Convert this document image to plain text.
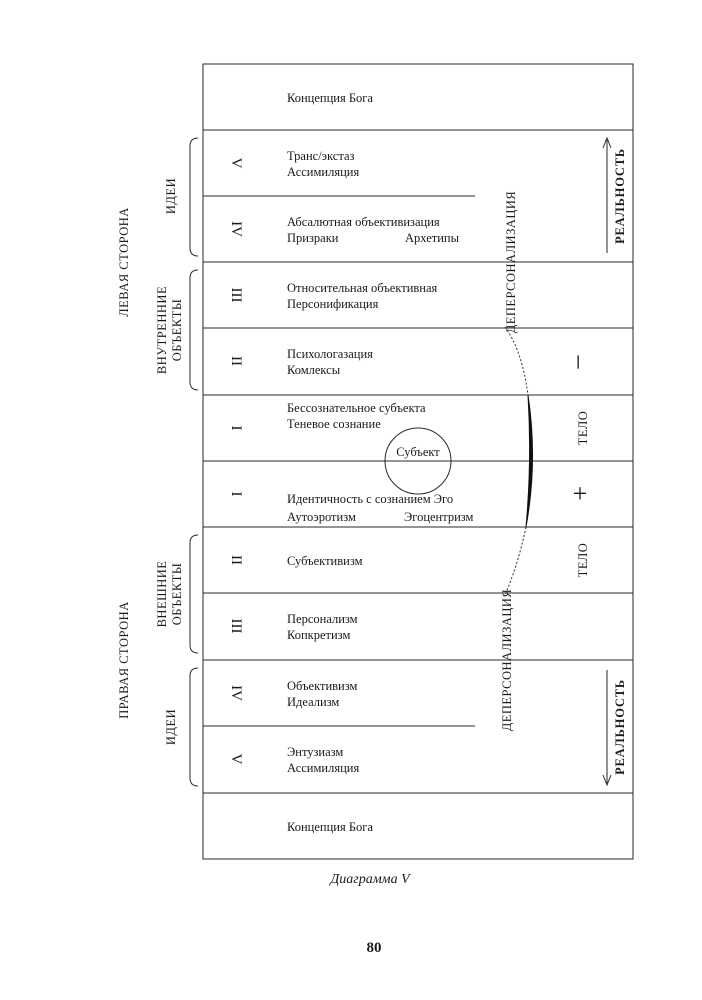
V
IV
III
II
I
I
II
III
IV
V
Концепция Бога
Транс/экстаз
Ассимиляция
Абсалютная объективизация
Призраки	Архетипы
Относительная объективная
Персонификация
Психологазация
Комлексы
Бессознательное субъекта
Теневое сознание
Идентичность с сознанием Эго
Аутоэротизм	Эгоцентризм
Субъективизм
Персонализм
Копкретизм
Объективизм
Идеализм
Энтузиазм
Ассимиляция
Концепция Бога
Субъект
ДЕПЕРСОНАЛИЗАЦИЯ
ДЕПЕРСОНАЛИЗАЦИЯ
РЕАЛЬНОСТЬ
РЕАЛЬНОСТЬ
ТЕЛО
ТЕЛО
–
+
ИДЕИ
ВНУТРЕННИЕ ОБЪЕКТЫ
ЛЕВАЯ СТОРОНА
ВНЕШНИЕ ОБЪЕКТЫ
ИДЕИ
ПРАВАЯ СТОРОНА
Диаграмма V
80
